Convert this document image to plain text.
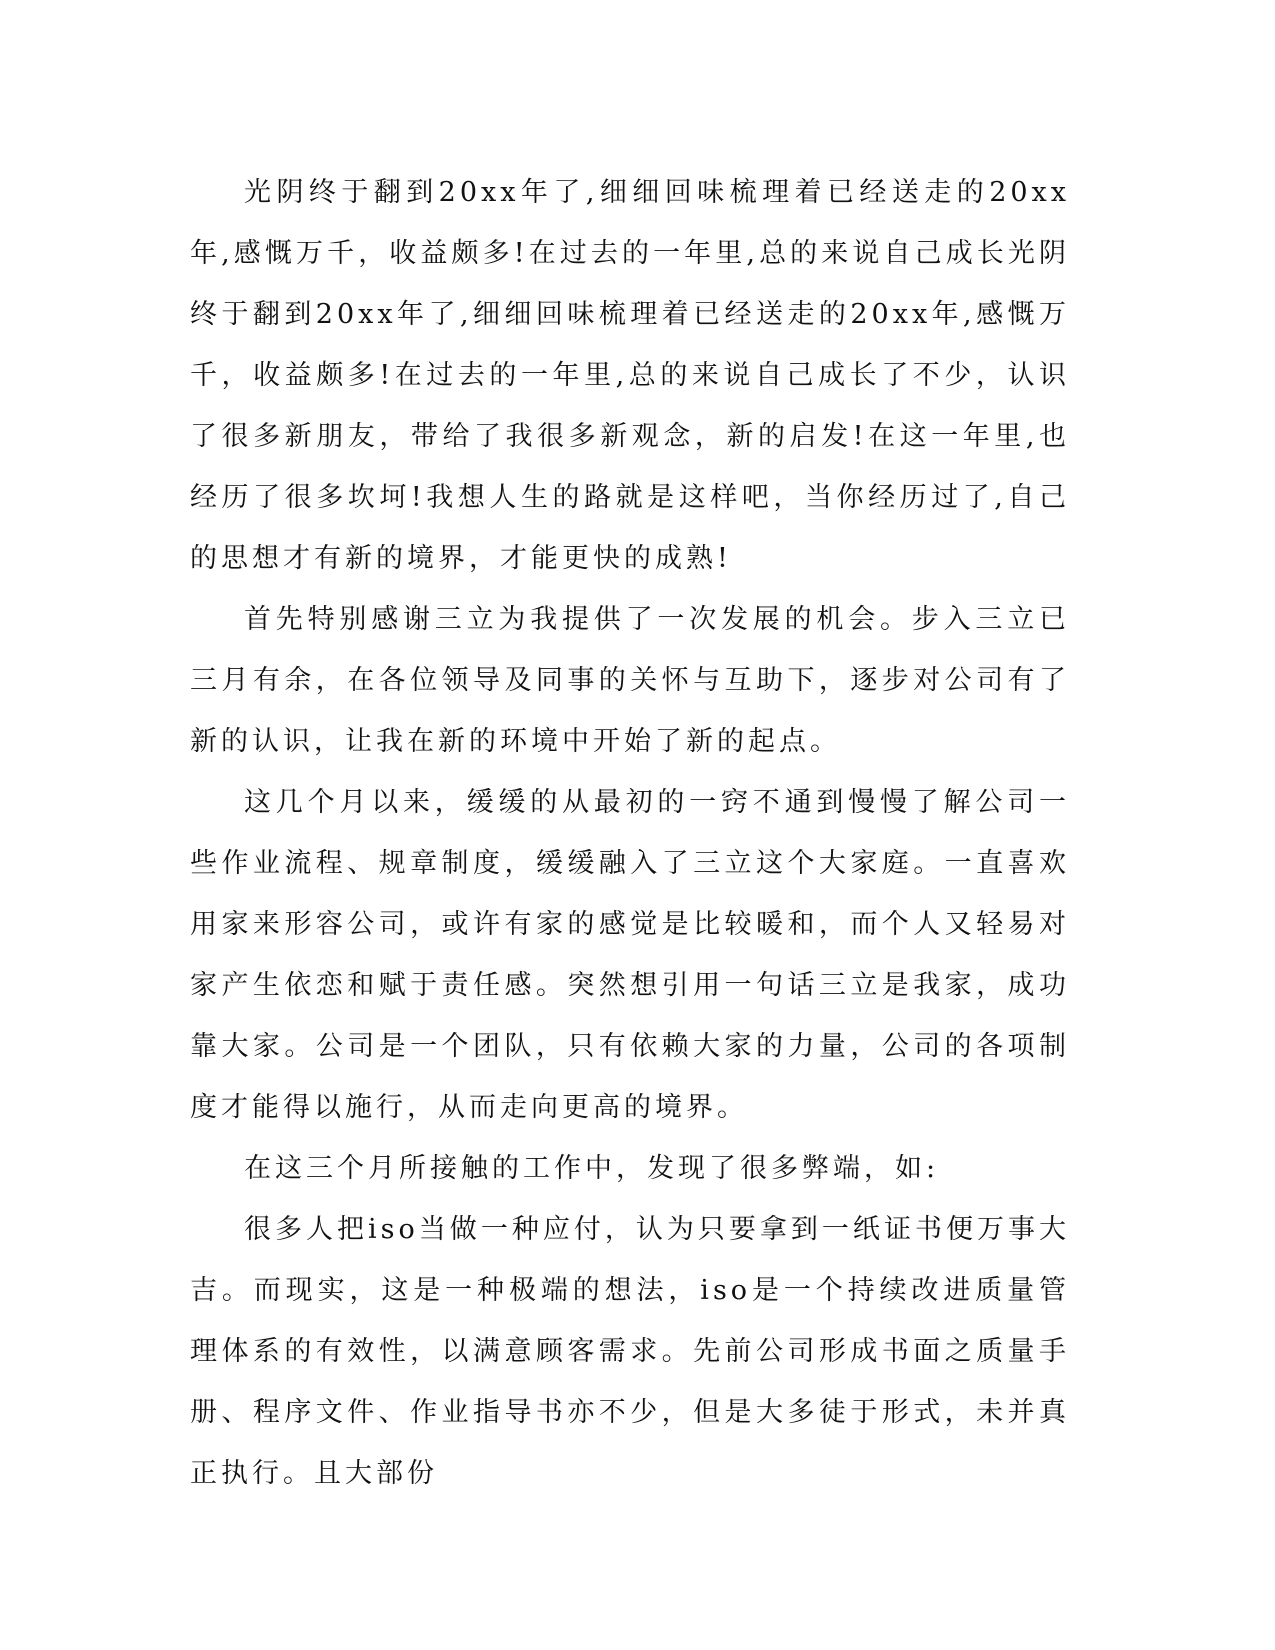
光阴终于翻到20xx年了,细细回味梳理着已经送走的20xx年,感慨万千，收益颇多!在过去的一年里,总的来说自己成长光阴终于翻到20xx年了,细细回味梳理着已经送走的20xx年,感慨万千，收益颇多!在过去的一年里,总的来说自己成长了不少，认识了很多新朋友，带给了我很多新观念，新的启发!在这一年里,也经历了很多坎坷!我想人生的路就是这样吧，当你经历过了,自己的思想才有新的境界，才能更快的成熟!

首先特别感谢三立为我提供了一次发展的机会。步入三立已三月有余，在各位领导及同事的关怀与互助下，逐步对公司有了新的认识，让我在新的环境中开始了新的起点。

这几个月以来，缓缓的从最初的一窍不通到慢慢了解公司一些作业流程、规章制度，缓缓融入了三立这个大家庭。一直喜欢用家来形容公司，或许有家的感觉是比较暖和，而个人又轻易对家产生依恋和赋于责任感。突然想引用一句话三立是我家，成功靠大家。公司是一个团队，只有依赖大家的力量，公司的各项制度才能得以施行，从而走向更高的境界。

在这三个月所接触的工作中，发现了很多弊端，如:

很多人把iso当做一种应付，认为只要拿到一纸证书便万事大吉。而现实，这是一种极端的想法，iso是一个持续改进质量管理体系的有效性，以满意顾客需求。先前公司形成书面之质量手册、程序文件、作业指导书亦不少，但是大多徒于形式，未并真正执行。且大部份
